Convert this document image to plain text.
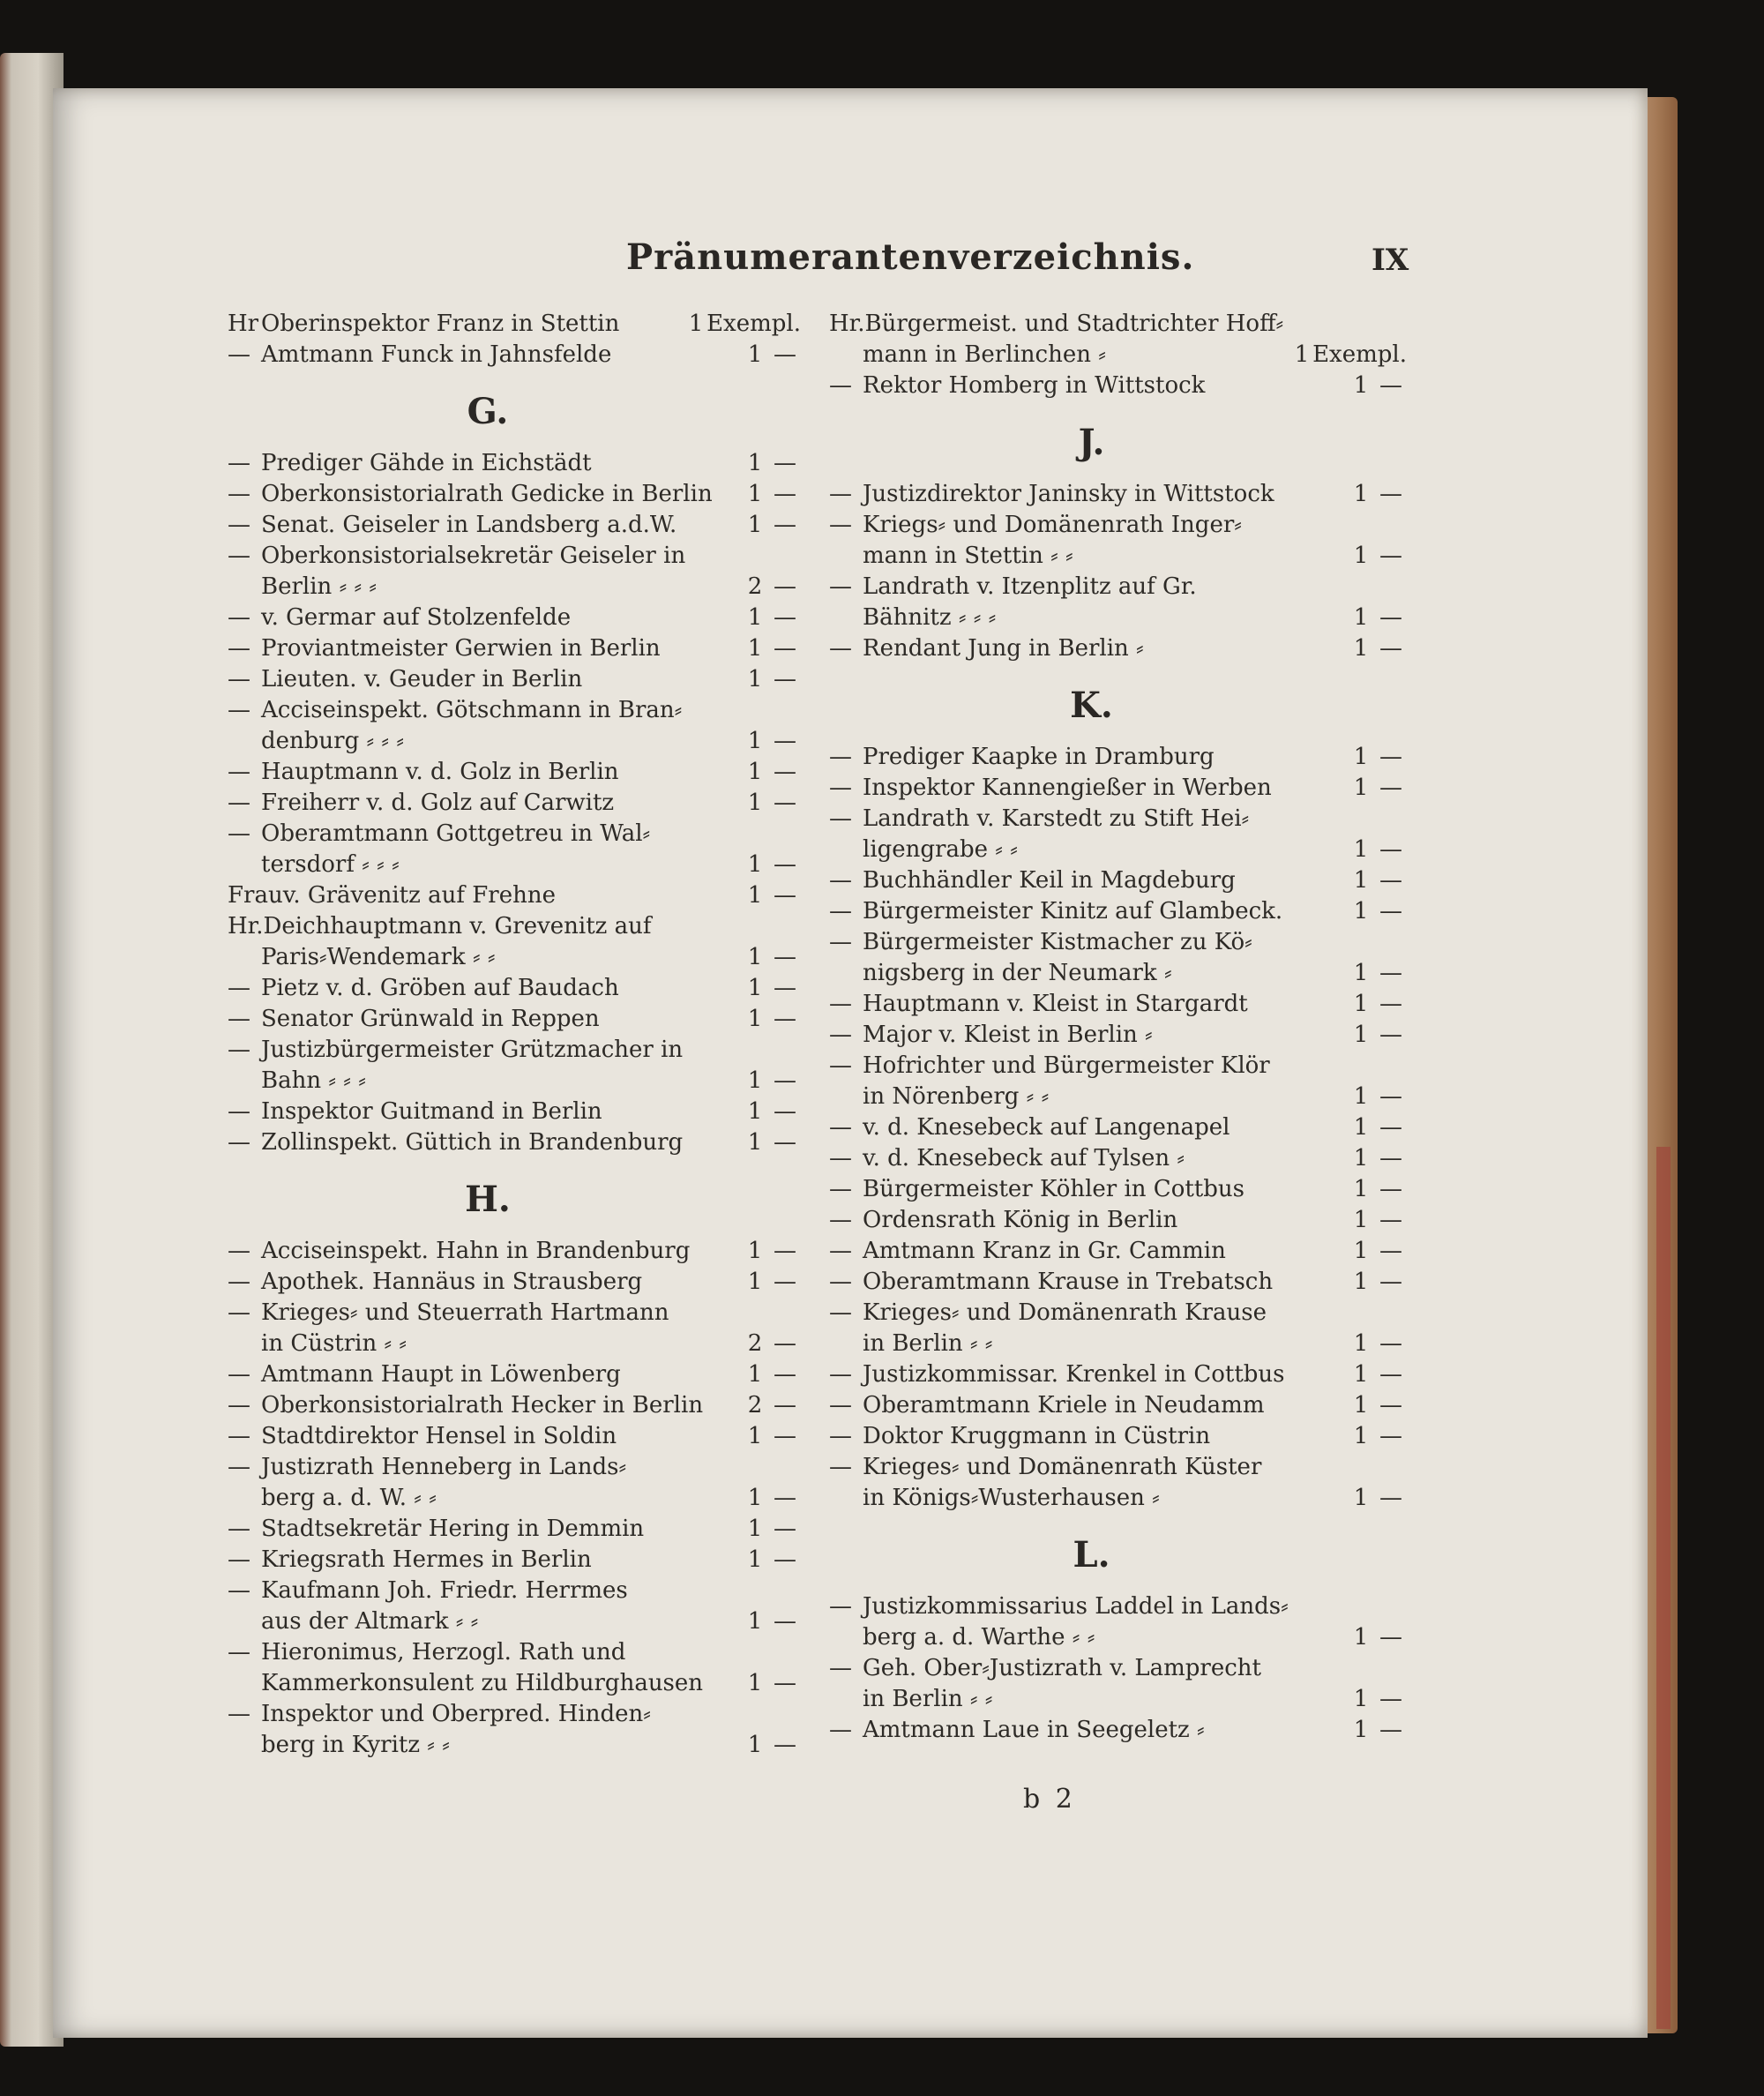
Pränumerantenverzeichnis.	IX
Hr Oberinspektor Franz in Stettin	1 Exempl.
— Amtmann Funck in Jahnsfelde	1 —
G.
— Prediger Gähde in Eichstädt	1 —
— Oberkonsistorialrath Gedicke in Berlin	1 —
— Senat. Geiseler in Landsberg a.d.W.	1 —
— Oberkonsistorialsekretär Geiseler in
Berlin ⸗ ⸗ ⸗	2 —
— v. Germar auf Stolzenfelde	1 —
— Proviantmeister Gerwien in Berlin	1 —
— Lieuten. v. Geuder in Berlin	1 —
— Acciseinspekt. Götschmann in Bran⸗
denburg ⸗ ⸗ ⸗	1 —
— Hauptmann v. d. Golz in Berlin	1 —
— Freiherr v. d. Golz auf Carwitz	1 —
— Oberamtmann Gottgetreu in Wal⸗
tersdorf ⸗ ⸗ ⸗	1 —
Frau v. Grävenitz auf Frehne	1 —
Hr. Deichhauptmann v. Grevenitz auf
Paris⸗Wendemark ⸗ ⸗	1 —
— Pietz v. d. Gröben auf Baudach	1 —
— Senator Grünwald in Reppen	1 —
— Justizbürgermeister Grützmacher in
Bahn ⸗ ⸗ ⸗	1 —
— Inspektor Guitmand in Berlin	1 —
— Zollinspekt. Güttich in Brandenburg	1 —
H.
— Acciseinspekt. Hahn in Brandenburg	1 —
— Apothek. Hannäus in Strausberg	1 —
— Krieges⸗ und Steuerrath Hartmann
in Cüstrin ⸗ ⸗	2 —
— Amtmann Haupt in Löwenberg	1 —
— Oberkonsistorialrath Hecker in Berlin	2 —
— Stadtdirektor Hensel in Soldin	1 —
— Justizrath Henneberg in Lands⸗
berg a. d. W. ⸗ ⸗	1 —
— Stadtsekretär Hering in Demmin	1 —
— Kriegsrath Hermes in Berlin	1 —
— Kaufmann Joh. Friedr. Herrmes
aus der Altmark ⸗ ⸗	1 —
— Hieronimus, Herzogl. Rath und
Kammerkonsulent zu Hildburghausen	1 —
— Inspektor und Oberpred. Hinden⸗
berg in Kyritz ⸗ ⸗	1 —
Hr. Bürgermeist. und Stadtrichter Hoff⸗
mann in Berlinchen ⸗	1 Exempl.
— Rektor Homberg in Wittstock	1 —
J.
— Justizdirektor Janinsky in Wittstock	1 —
— Kriegs⸗ und Domänenrath Inger⸗
mann in Stettin ⸗ ⸗	1 —
— Landrath v. Itzenplitz auf Gr.
Bähnitz ⸗ ⸗ ⸗	1 —
— Rendant Jung in Berlin ⸗	1 —
K.
— Prediger Kaapke in Dramburg	1 —
— Inspektor Kannengießer in Werben	1 —
— Landrath v. Karstedt zu Stift Hei⸗
ligengrabe ⸗ ⸗	1 —
— Buchhändler Keil in Magdeburg	1 —
— Bürgermeister Kinitz auf Glambeck.	1 —
— Bürgermeister Kistmacher zu Kö⸗
nigsberg in der Neumark ⸗	1 —
— Hauptmann v. Kleist in Stargardt	1 —
— Major v. Kleist in Berlin ⸗	1 —
— Hofrichter und Bürgermeister Klör
in Nörenberg ⸗ ⸗	1 —
— v. d. Knesebeck auf Langenapel	1 —
— v. d. Knesebeck auf Tylsen ⸗	1 —
— Bürgermeister Köhler in Cottbus	1 —
— Ordensrath König in Berlin	1 —
— Amtmann Kranz in Gr. Cammin	1 —
— Oberamtmann Krause in Trebatsch	1 —
— Krieges⸗ und Domänenrath Krause
in Berlin ⸗ ⸗	1 —
— Justizkommissar. Krenkel in Cottbus	1 —
— Oberamtmann Kriele in Neudamm	1 —
— Doktor Kruggmann in Cüstrin	1 —
— Krieges⸗ und Domänenrath Küster
in Königs⸗Wusterhausen ⸗	1 —
L.
— Justizkommissarius Laddel in Lands⸗
berg a. d. Warthe ⸗ ⸗	1 —
— Geh. Ober⸗Justizrath v. Lamprecht
in Berlin ⸗ ⸗	1 —
— Amtmann Laue in Seegeletz ⸗	1 —
b 2
